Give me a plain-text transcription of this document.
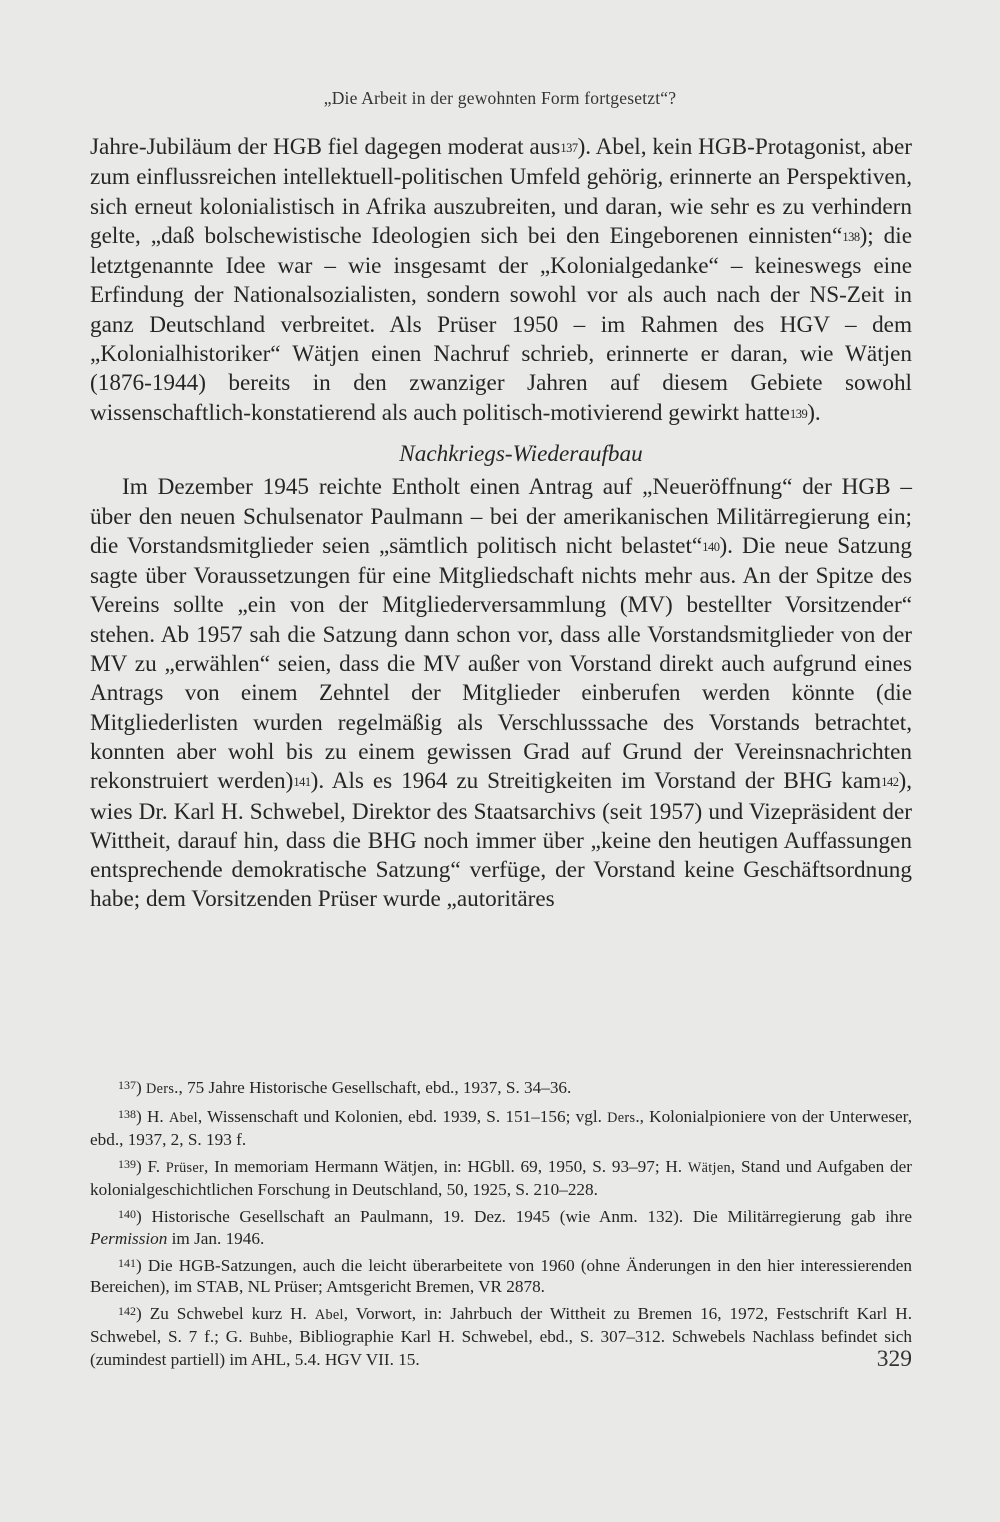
„Die Arbeit in der gewohnten Form fortgesetzt“?

Jahre-Jubiläum der HGB fiel dagegen moderat aus137). Abel, kein HGB-Protagonist, aber zum einflussreichen intellektuell-politischen Umfeld gehörig, erinnerte an Perspektiven, sich erneut kolonialistisch in Afrika auszubreiten, und daran, wie sehr es zu verhindern gelte, „daß bolschewistische Ideologien sich bei den Eingeborenen einnisten“138); die letztgenannte Idee war – wie insgesamt der „Kolonialgedanke“ – keineswegs eine Erfindung der Nationalsozialisten, sondern sowohl vor als auch nach der NS-Zeit in ganz Deutschland verbreitet. Als Prüser 1950 – im Rahmen des HGV – dem „Kolonialhistoriker“ Wätjen einen Nachruf schrieb, erinnerte er daran, wie Wätjen (1876-1944) bereits in den zwanziger Jahren auf diesem Gebiete sowohl wissenschaftlich-konstatierend als auch politisch-motivierend gewirkt hatte139).

Nachkriegs-Wiederaufbau

Im Dezember 1945 reichte Entholt einen Antrag auf „Neueröffnung“ der HGB – über den neuen Schulsenator Paulmann – bei der amerikanischen Militärregierung ein; die Vorstandsmitglieder seien „sämtlich politisch nicht belastet“140). Die neue Satzung sagte über Voraussetzungen für eine Mitgliedschaft nichts mehr aus. An der Spitze des Vereins sollte „ein von der Mitgliederversammlung (MV) bestellter Vorsitzender“ stehen. Ab 1957 sah die Satzung dann schon vor, dass alle Vorstandsmitglieder von der MV zu „erwählen“ seien, dass die MV außer von Vorstand direkt auch aufgrund eines Antrags von einem Zehntel der Mitglieder einberufen werden könnte (die Mitgliederlisten wurden regelmäßig als Verschlusssache des Vorstands betrachtet, konnten aber wohl bis zu einem gewissen Grad auf Grund der Vereinsnachrichten rekonstruiert werden)141). Als es 1964 zu Streitigkeiten im Vorstand der BHG kam142), wies Dr. Karl H. Schwebel, Direktor des Staatsarchivs (seit 1957) und Vizepräsident der Wittheit, darauf hin, dass die BHG noch immer über „keine den heutigen Auffassungen entsprechende demokratische Satzung“ verfüge, der Vorstand keine Geschäftsordnung habe; dem Vorsitzenden Prüser wurde „autoritäres

$^{137}$) Ders., 75 Jahre Historische Gesellschaft, ebd., 1937, S. 34–36.

$^{138}$) H. Abel, Wissenschaft und Kolonien, ebd. 1939, S. 151–156; vgl. Ders., Kolonialpioniere von der Unterweser, ebd., 1937, 2, S. 193 f.

$^{139}$) F. Prüser, In memoriam Hermann Wätjen, in: HGbll. 69, 1950, S. 93–97; H. Wätjen, Stand und Aufgaben der kolonialgeschichtlichen Forschung in Deutschland, 50, 1925, S. 210–228.

$^{140}$) Historische Gesellschaft an Paulmann, 19. Dez. 1945 (wie Anm. 132). Die Militärregierung gab ihre Permission im Jan. 1946.

$^{141}$) Die HGB-Satzungen, auch die leicht überarbeitete von 1960 (ohne Änderungen in den hier interessierenden Bereichen), im STAB, NL Prüser; Amtsgericht Bremen, VR 2878.

$^{142}$) Zu Schwebel kurz H. Abel, Vorwort, in: Jahrbuch der Wittheit zu Bremen 16, 1972, Festschrift Karl H. Schwebel, S. 7 f.; G. Buhbe, Bibliographie Karl H. Schwebel, ebd., S. 307–312. Schwebels Nachlass befindet sich (zumindest partiell) im AHL, 5.4. HGV VII. 15.	329
